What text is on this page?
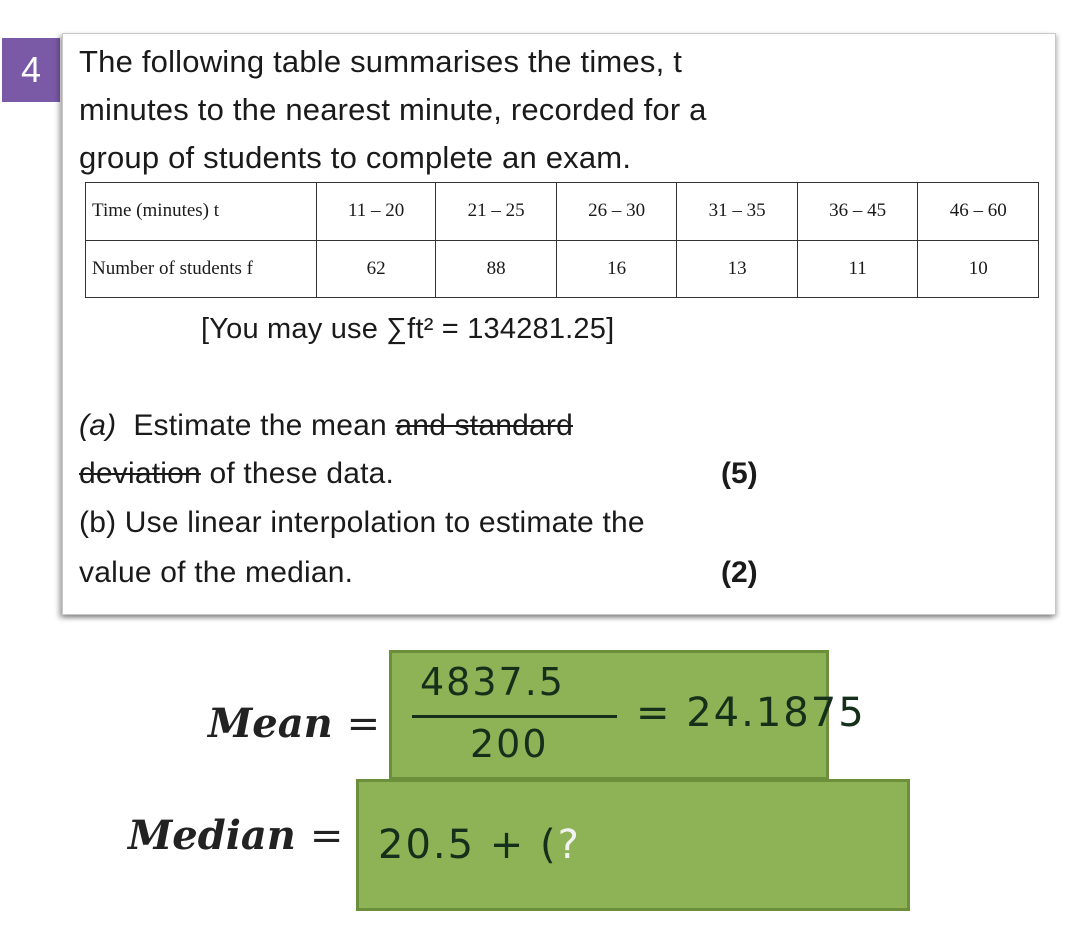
4	The following table summarises the times, t
minutes to the nearest minute, recorded for a
group of students to complete an exam.
Time (minutes) t	11 – 20	21 – 25	26 – 30	31 – 35	36 – 45	46 – 60
Number of students f	62	88	16	13	11	10
[You may use ∑ft² = 134281.25]
(a) Estimate the mean and standard
deviation of these data.	(5)
(b) Use linear interpolation to estimate the
value of the median.	(2)
Mean =
4837.5
200
= 24.1875
Median = 20.5 + (?
